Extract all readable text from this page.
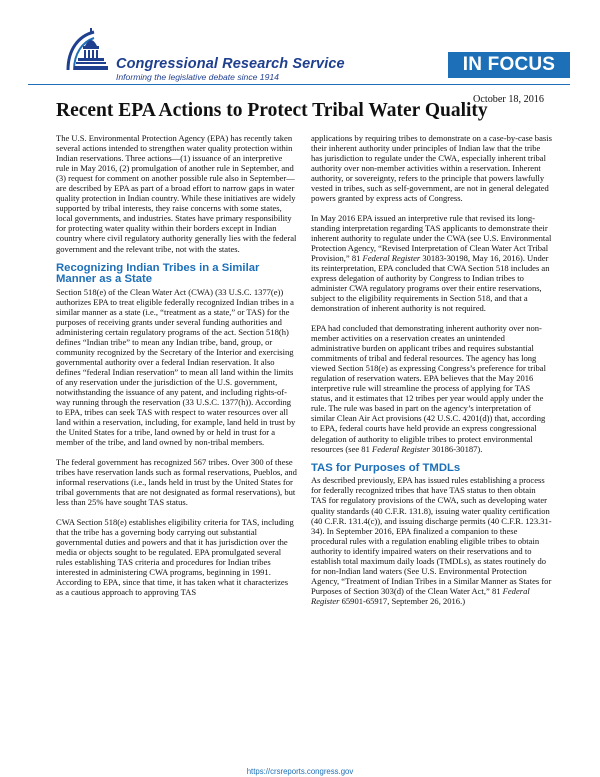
Congressional Research Service
Informing the legislative debate since 1914
IN FOCUS
October 18, 2016
Recent EPA Actions to Protect Tribal Water Quality

The U.S. Environmental Protection Agency (EPA) has recently taken several actions intended to strengthen water quality protection within Indian reservations. Three actions—(1) issuance of an interpretive rule in May 2016, (2) promulgation of another rule in September, and (3) request for comment on another possible rule also in September—are described by EPA as part of a broad effort to narrow gaps in water quality protection in Indian country. While these initiatives are widely supported by tribal interests, they raise concerns with some states, local governments, and industries. States have primary responsibility for protecting water quality within their borders except in Indian country where civil regulatory authority generally lies with the federal government and the relevant tribe, not with the states.

Recognizing Indian Tribes in a Similar Manner as a State

Section 518(e) of the Clean Water Act (CWA) (33 U.S.C. 1377(e)) authorizes EPA to treat eligible federally recognized Indian tribes in a similar manner as a state (i.e., “treatment as a state,” or TAS) for the purposes of receiving grants under several funding authorities and administering certain regulatory programs of the act. Section 518(h) defines “Indian tribe” to mean any Indian tribe, band, group, or community recognized by the Secretary of the Interior and exercising governmental authority over a federal Indian reservation. It also defines “federal Indian reservation” to mean all land within the limits of any reservation under the jurisdiction of the U.S. government, notwithstanding the issuance of any patent, and including rights-of-way running through the reservation (33 U.S.C. 1377(h)). According to EPA, tribes can seek TAS with respect to water resources over all land within a reservation, including, for example, land held in trust by the United States for a tribe, land owned by or held in trust for a member of the tribe, and land owned by non-tribal members.

The federal government has recognized 567 tribes. Over 300 of these tribes have reservation lands such as formal reservations, Pueblos, and informal reservations (i.e., lands held in trust by the United States for tribal governments that are not designated as formal reservations), but less than 25% have sought TAS status.

CWA Section 518(e) establishes eligibility criteria for TAS, including that the tribe has a governing body carrying out substantial governmental duties and powers and that it has jurisdiction over the media or objects sought to be regulated. EPA promulgated several rules establishing TAS criteria and procedures for Indian tribes interested in administering CWA programs, beginning in 1991. According to EPA, since that time, it has taken what it characterizes as a cautious approach to approving TAS

applications by requiring tribes to demonstrate on a case-by-case basis their inherent authority under principles of Indian law that the tribe has jurisdiction to regulate under the CWA, especially inherent tribal authority over non-member activities within a reservation. Inherent authority, or sovereignty, refers to the principle that powers lawfully vested in tribes, such as self-government, are not in general delegated powers granted by express acts of Congress.

In May 2016 EPA issued an interpretive rule that revised its long-standing interpretation regarding TAS applicants to demonstrate their inherent authority to regulate under the CWA (see U.S. Environmental Protection Agency, “Revised Interpretation of Clean Water Act Tribal Provision,” 81 Federal Register 30183-30198, May 16, 2016). Under its reinterpretation, EPA concluded that CWA Section 518 includes an express delegation of authority by Congress to Indian tribes to administer CWA regulatory programs over their entire reservations, subject to the eligibility requirements in Section 518, and that a demonstration of inherent authority is not required.

EPA had concluded that demonstrating inherent authority over non-member activities on a reservation creates an unintended administrative burden on applicant tribes and requires substantial commitments of tribal and federal resources. The agency has long viewed Section 518(e) as expressing Congress’s preference for tribal regulation of reservation waters. EPA believes that the May 2016 interpretive rule will streamline the process of applying for TAS status, and it estimates that 12 tribes per year would apply under the rule. The rule was based in part on the agency’s interpretation of similar Clean Air Act provisions (42 U.S.C. 4201(d)) that, according to EPA, federal courts have held provide an express congressional delegation of authority to eligible tribes to protect environmental resources (see 81 Federal Register 30186-30187).

TAS for Purposes of TMDLs

As described previously, EPA has issued rules establishing a process for federally recognized tribes that have TAS status to then obtain TAS for regulatory provisions of the CWA, such as developing water quality standards (40 C.F.R. 131.8), issuing water quality certification (40 C.F.R. 131.4(c)), and issuing discharge permits (40 C.F.R. 123.31-34). In September 2016, EPA finalized a companion to these procedural rules with a regulation enabling eligible tribes to obtain authority to identify impaired waters on their reservations and to establish total maximum daily loads (TMDLs), as states routinely do for non-Indian land waters (See U.S. Environmental Protection Agency, “Treatment of Indian Tribes in a Similar Manner as States for Purposes of Section 303(d) of the Clean Water Act,” 81 Federal Register 65901-65917, September 26, 2016.)

https://crsreports.congress.gov
